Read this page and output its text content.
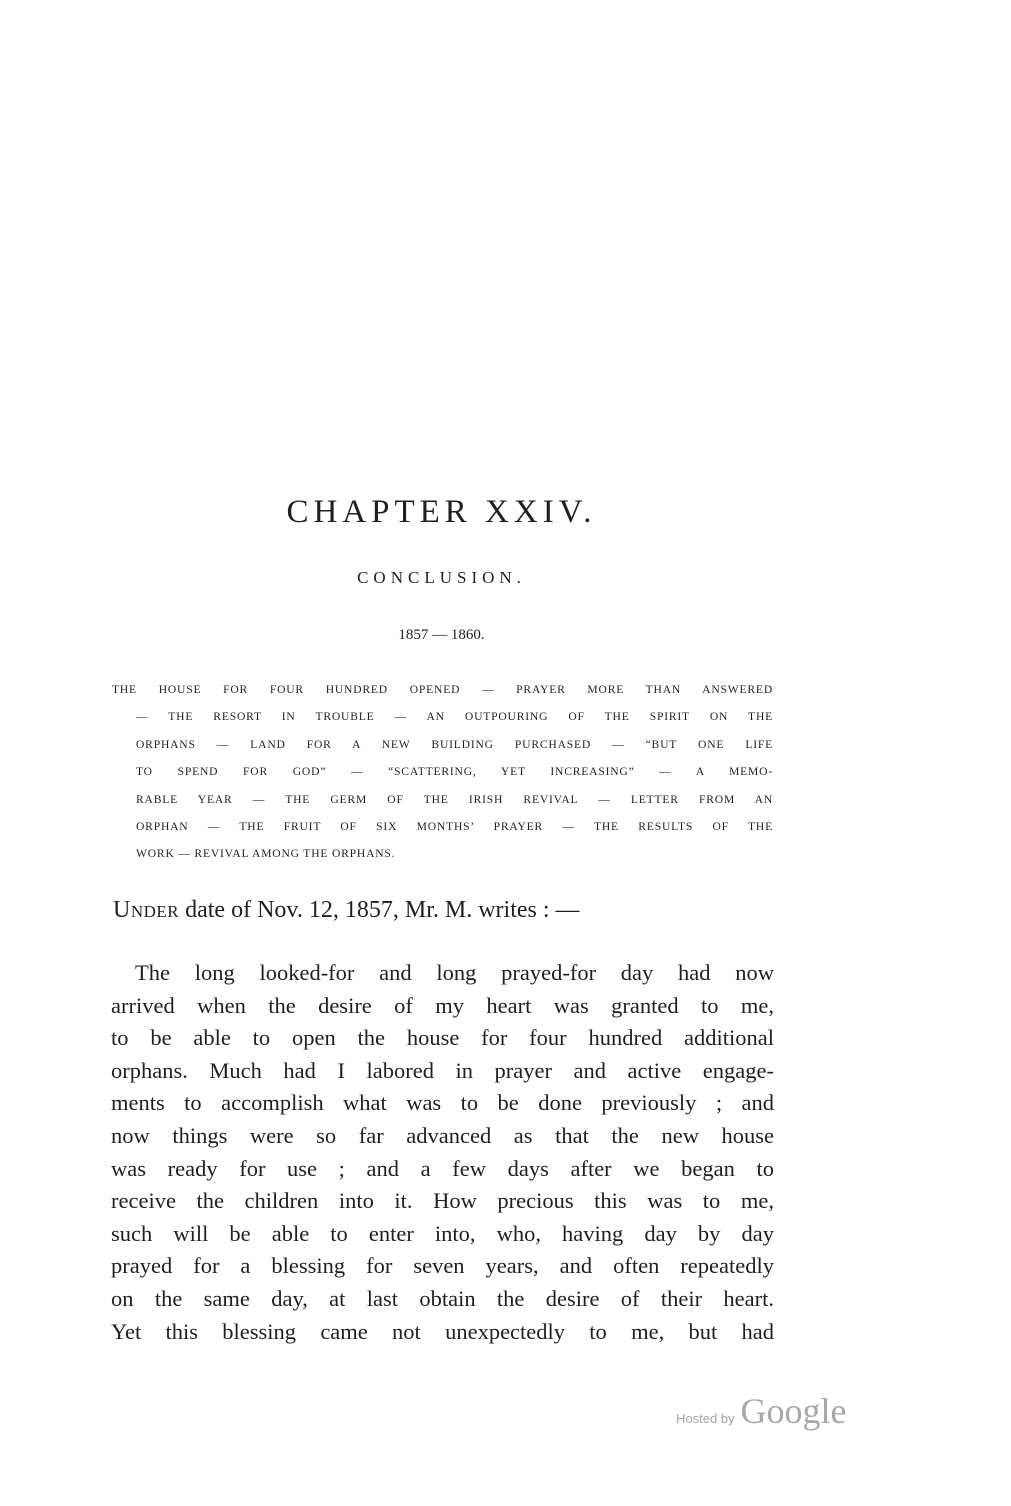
CHAPTER XXIV.
CONCLUSION.
1857 — 1860.
THE HOUSE FOR FOUR HUNDRED OPENED — PRAYER MORE THAN ANSWERED
— THE RESORT IN TROUBLE — AN OUTPOURING OF THE SPIRIT ON THE
ORPHANS — LAND FOR A NEW BUILDING PURCHASED — “BUT ONE LIFE
TO SPEND FOR GOD” — “SCATTERING, YET INCREASING” — A MEMO-
RABLE YEAR — THE GERM OF THE IRISH REVIVAL — LETTER FROM AN
ORPHAN — THE FRUIT OF SIX MONTHS’ PRAYER — THE RESULTS OF THE
WORK — REVIVAL AMONG THE ORPHANS.
Under date of Nov. 12, 1857, Mr. M. writes : —
The long looked-for and long prayed-for day had now
arrived when the desire of my heart was granted to me,
to be able to open the house for four hundred additional
orphans. Much had I labored in prayer and active engage-
ments to accomplish what was to be done previously ; and
now things were so far advanced as that the new house
was ready for use ; and a few days after we began to
receive the children into it. How precious this was to me,
such will be able to enter into, who, having day by day
prayed for a blessing for seven years, and often repeatedly
on the same day, at last obtain the desire of their heart.
Yet this blessing came not unexpectedly to me, but had
Hosted by Google
